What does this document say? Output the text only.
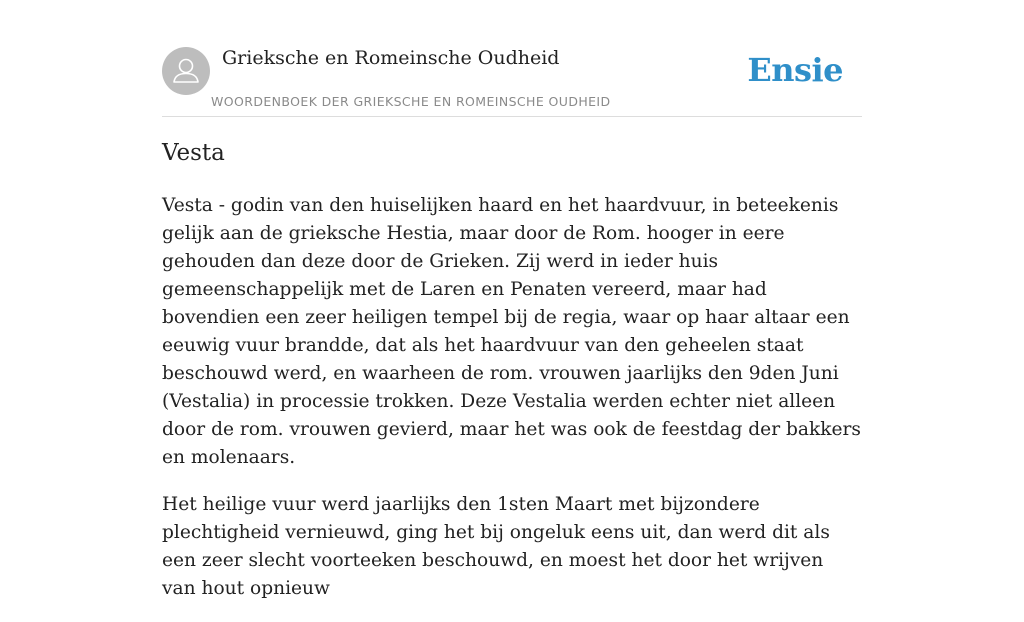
Grieksche en Romeinsche Oudheid
WOORDENBOEK DER GRIEKSCHE EN ROMEINSCHE OUDHEID
Ensie
Vesta

Vesta - godin van den huiselijken haard en het haardvuur, in beteekenis gelijk aan de grieksche Hestia, maar door de Rom. hooger in eere gehouden dan deze door de Grieken. Zij werd in ieder huis gemeenschappelijk met de Laren en Penaten vereerd, maar had bovendien een zeer heiligen tempel bij de regia, waar op haar altaar een eeuwig vuur brandde, dat als het haardvuur van den geheelen staat beschouwd werd, en waarheen de rom. vrouwen jaarlijks den 9den Juni (Vestalia) in processie trokken. Deze Vestalia werden echter niet alleen door de rom. vrouwen gevierd, maar het was ook de feestdag der bakkers en molenaars.

Het heilige vuur werd jaarlijks den 1sten Maart met bijzondere plechtigheid vernieuwd, ging het bij ongeluk eens uit, dan werd dit als een zeer slecht voorteeken beschouwd, en moest het door het wrijven van hout opnieuw
